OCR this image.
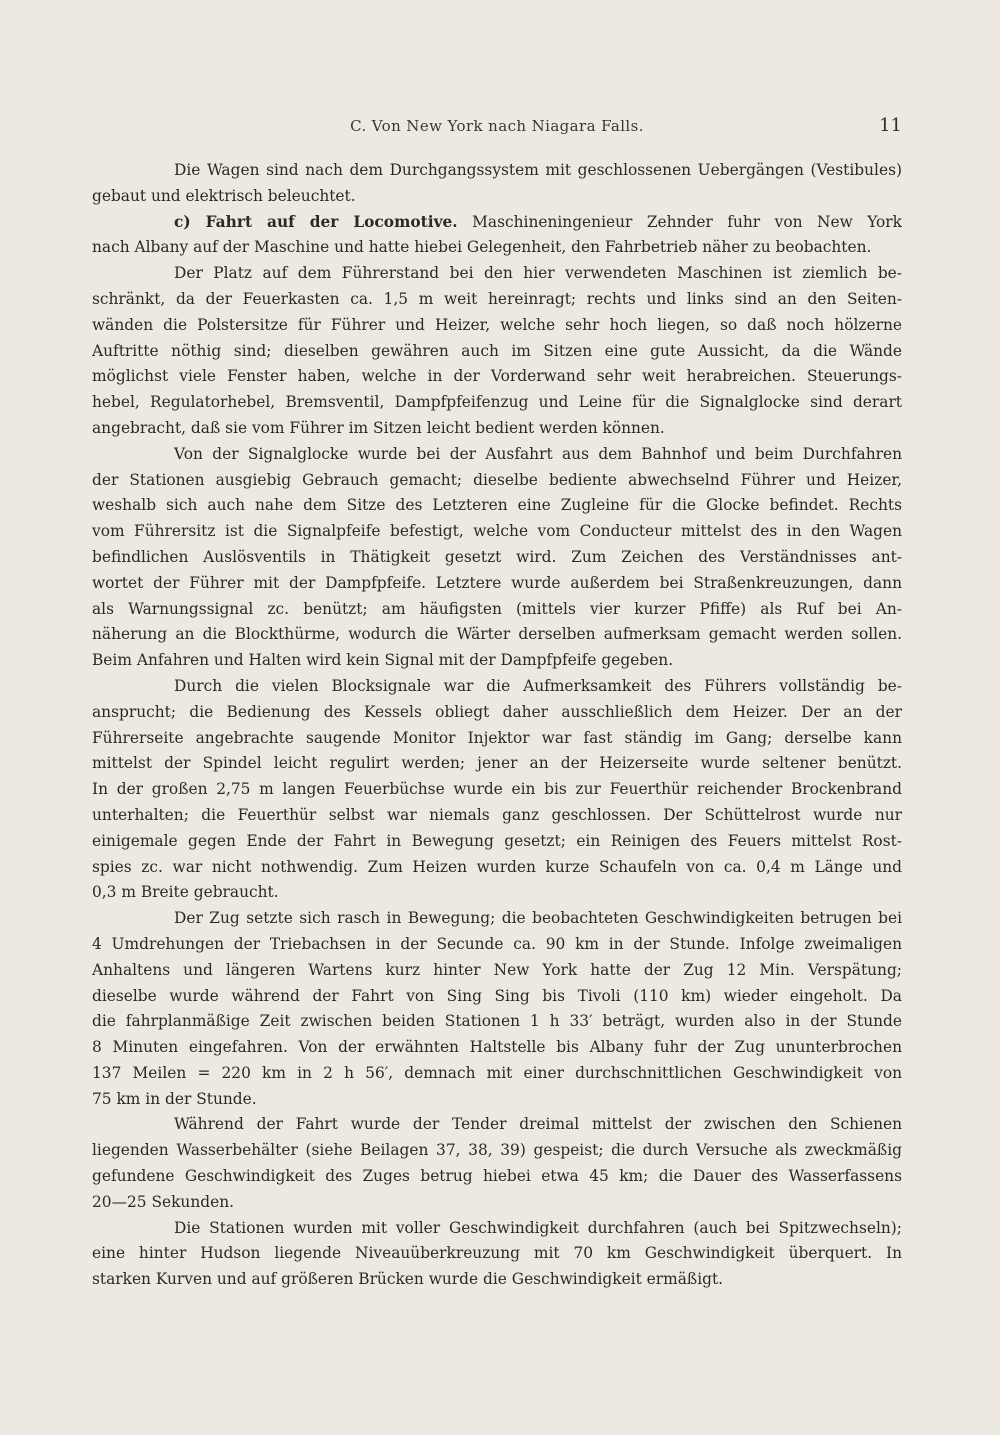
C. Von New York nach Niagara Falls.	11
Die Wagen sind nach dem Durchgangssystem mit geschlossenen Uebergängen (Vestibules)
gebaut und elektrisch beleuchtet.
c) Fahrt auf der Locomotive. Maschineningenieur Zehnder fuhr von New York
nach Albany auf der Maschine und hatte hiebei Gelegenheit, den Fahrbetrieb näher zu beobachten.
Der Platz auf dem Führerstand bei den hier verwendeten Maschinen ist ziemlich be-
schränkt, da der Feuerkasten ca. 1,5 m weit hereinragt; rechts und links sind an den Seiten-
wänden die Polstersitze für Führer und Heizer, welche sehr hoch liegen, so daß noch hölzerne
Auftritte nöthig sind; dieselben gewähren auch im Sitzen eine gute Aussicht, da die Wände
möglichst viele Fenster haben, welche in der Vorderwand sehr weit herabreichen. Steuerungs-
hebel, Regulatorhebel, Bremsventil, Dampfpfeifenzug und Leine für die Signalglocke sind derart
angebracht, daß sie vom Führer im Sitzen leicht bedient werden können.
Von der Signalglocke wurde bei der Ausfahrt aus dem Bahnhof und beim Durchfahren
der Stationen ausgiebig Gebrauch gemacht; dieselbe bediente abwechselnd Führer und Heizer,
weshalb sich auch nahe dem Sitze des Letzteren eine Zugleine für die Glocke befindet. Rechts
vom Führersitz ist die Signalpfeife befestigt, welche vom Conducteur mittelst des in den Wagen
befindlichen Auslösventils in Thätigkeit gesetzt wird. Zum Zeichen des Verständnisses ant-
wortet der Führer mit der Dampfpfeife. Letztere wurde außerdem bei Straßenkreuzungen, dann
als Warnungssignal zc. benützt; am häufigsten (mittels vier kurzer Pfiffe) als Ruf bei An-
näherung an die Blockthürme, wodurch die Wärter derselben aufmerksam gemacht werden sollen.
Beim Anfahren und Halten wird kein Signal mit der Dampfpfeife gegeben.
Durch die vielen Blocksignale war die Aufmerksamkeit des Führers vollständig be-
ansprucht; die Bedienung des Kessels obliegt daher ausschließlich dem Heizer. Der an der
Führerseite angebrachte saugende Monitor Injektor war fast ständig im Gang; derselbe kann
mittelst der Spindel leicht regulirt werden; jener an der Heizerseite wurde seltener benützt.
In der großen 2,75 m langen Feuerbüchse wurde ein bis zur Feuerthür reichender Brockenbrand
unterhalten; die Feuerthür selbst war niemals ganz geschlossen. Der Schüttelrost wurde nur
einigemale gegen Ende der Fahrt in Bewegung gesetzt; ein Reinigen des Feuers mittelst Rost-
spies zc. war nicht nothwendig. Zum Heizen wurden kurze Schaufeln von ca. 0,4 m Länge und
0,3 m Breite gebraucht.
Der Zug setzte sich rasch in Bewegung; die beobachteten Geschwindigkeiten betrugen bei
4 Umdrehungen der Triebachsen in der Secunde ca. 90 km in der Stunde. Infolge zweimaligen
Anhaltens und längeren Wartens kurz hinter New York hatte der Zug 12 Min. Verspätung;
dieselbe wurde während der Fahrt von Sing Sing bis Tivoli (110 km) wieder eingeholt. Da
die fahrplanmäßige Zeit zwischen beiden Stationen 1 h 33′ beträgt, wurden also in der Stunde
8 Minuten eingefahren. Von der erwähnten Haltstelle bis Albany fuhr der Zug ununterbrochen
137 Meilen = 220 km in 2 h 56′, demnach mit einer durchschnittlichen Geschwindigkeit von
75 km in der Stunde.
Während der Fahrt wurde der Tender dreimal mittelst der zwischen den Schienen
liegenden Wasserbehälter (siehe Beilagen 37, 38, 39) gespeist; die durch Versuche als zweckmäßig
gefundene Geschwindigkeit des Zuges betrug hiebei etwa 45 km; die Dauer des Wasserfassens
20—25 Sekunden.
Die Stationen wurden mit voller Geschwindigkeit durchfahren (auch bei Spitzwechseln);
eine hinter Hudson liegende Niveauüberkreuzung mit 70 km Geschwindigkeit überquert. In
starken Kurven und auf größeren Brücken wurde die Geschwindigkeit ermäßigt.
